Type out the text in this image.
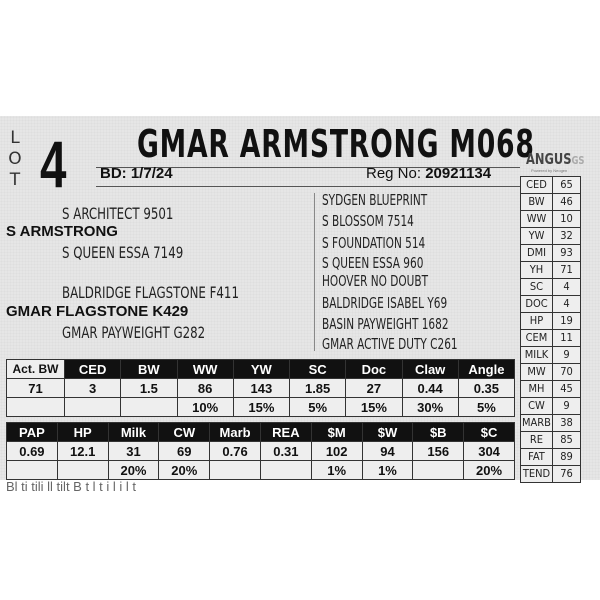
L
O
T 4 GMAR ARMSTRONG M068
BD: 1/7/24	Reg No: 20921134
ANGUSGS
Powered by Neogen
S ARCHITECT 9501
S ARMSTRONG
S QUEEN ESSA 7149
BALDRIDGE FLAGSTONE F411
GMAR FLAGSTONE K429
GMAR PAYWEIGHT G282
SYDGEN BLUEPRINT
S BLOSSOM 7514
S FOUNDATION 514
S QUEEN ESSA 960
HOOVER NO DOUBT
BALDRIDGE ISABEL Y69
BASIN PAYWEIGHT 1682
GMAR ACTIVE DUTY C261
CED	65
BW	46
WW	10
YW	32
DMI	93
YH	71
SC	4
DOC	4
HP	19
CEM	11
MILK	9
MW	70
MH	45
CW	9
MARB	38
RE	85
FAT	89
TEND	76
Act. BW	CED	BW	WW	YW	SC	Doc	Claw	Angle
71	3	1.5	86	143	1.85	27	0.44	0.35
			10%	15%	5%	15%	30%	5%
PAP	HP	Milk	CW	Marb	REA	$M	$W	$B	$C
0.69	12.1	31	69	0.76	0.31	102	94	156	304
		20%	20%			1%	1%		20%
Bl ti tili ll tilt B t l t i l i l t
